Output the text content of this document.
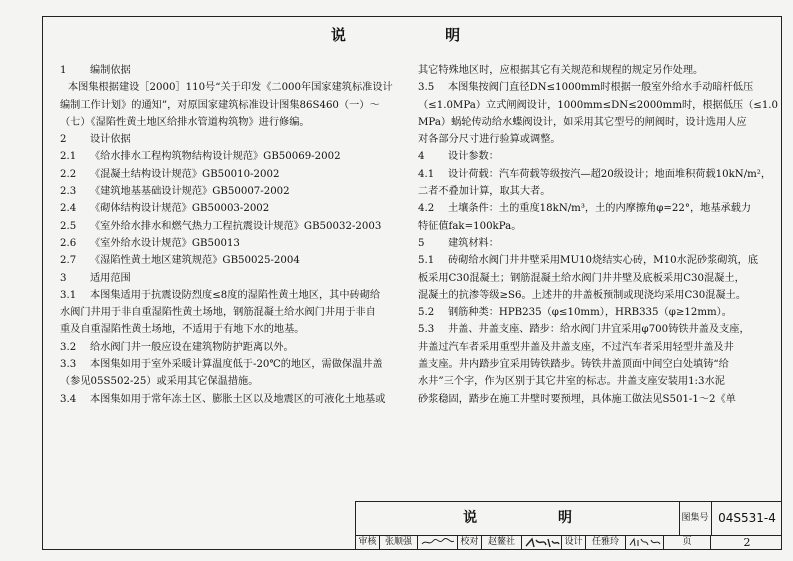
说	明
1 编制依据
本图集根据建设［2000］110号“关于印发《二000年国家建筑标准设计
编制工作计划》的通知”，对原国家建筑标准设计图集86S460（一）～
（七）《湿陷性黄土地区给排水管道构筑物》进行修编。
2 设计依据
2.1 《给水排水工程构筑物结构设计规范》GB50069-2002
2.2 《混凝土结构设计规范》GB50010-2002
2.3 《建筑地基基础设计规范》GB50007-2002
2.4 《砌体结构设计规范》GB50003-2002
2.5 《室外给水排水和燃气热力工程抗震设计规范》GB50032-2003
2.6 《室外给水设计规范》GB50013
2.7 《湿陷性黄土地区建筑规范》GB50025-2004
3 适用范围
3.1 本图集适用于抗震设防烈度≤8度的湿陷性黄土地区，其中砖砌给
水阀门井用于非自重湿陷性黄土场地，钢筋混凝土给水阀门井用于非自
重及自重湿陷性黄土场地，不适用于有地下水的地基。
3.2 给水阀门井一般应设在建筑物防护距离以外。
3.3 本图集如用于室外采暖计算温度低于-20℃的地区，需做保温井盖
（参见05S502-25）或采用其它保温措施。
3.4 本图集如用于常年冻土区、膨胀土区以及地震区的可液化土地基或
其它特殊地区时，应根据其它有关规范和规程的规定另作处理。
3.5 本图集按阀门直径DN≤1000mm时根据一般室外给水手动暗杆低压
（≤1.0MPa）立式闸阀设计，1000mm≤DN≤2000mm时，根据低压（≤1.0
MPa）蜗轮传动给水蝶阀设计，如采用其它型号的闸阀时，设计选用人应
对各部分尺寸进行验算或调整。
4 设计参数：
4.1 设计荷载：汽车荷载等级按汽—超20级设计；地面堆积荷载10kN/m²，
二者不叠加计算，取其大者。
4.2 土壤条件：土的重度18kN/m³，土的内摩擦角φ=22°，地基承载力
特征值fak=100kPa。
5 建筑材料：
5.1 砖砌给水阀门井井壁采用MU10烧结实心砖，M10水泥砂浆砌筑，底
板采用C30混凝土；钢筋混凝土给水阀门井井壁及底板采用C30混凝土，
混凝土的抗渗等级≥S6。上述井的井盖板预制或现浇均采用C30混凝土。
5.2 钢筋种类：HPB235（φ≤10mm），HRB335（φ≥12mm）。
5.3 井盖、井盖支座、踏步：给水阀门井宜采用φ700铸铁井盖及支座，
井盖过汽车者采用重型井盖及井盖支座，不过汽车者采用轻型井盖及井
盖支座。井内踏步宜采用铸铁踏步。铸铁井盖顶面中间空白处填铸“给
水井”三个字，作为区别于其它井室的标志。井盖支座安装用1:3水泥
砂浆稳固，踏步在施工井壁时要预埋，具体施工做法见S501-1～2《单
说	明	图集号 04S531-4
审核 张顺强	校对	赵鳌社	设计	任雅玲	页	2
